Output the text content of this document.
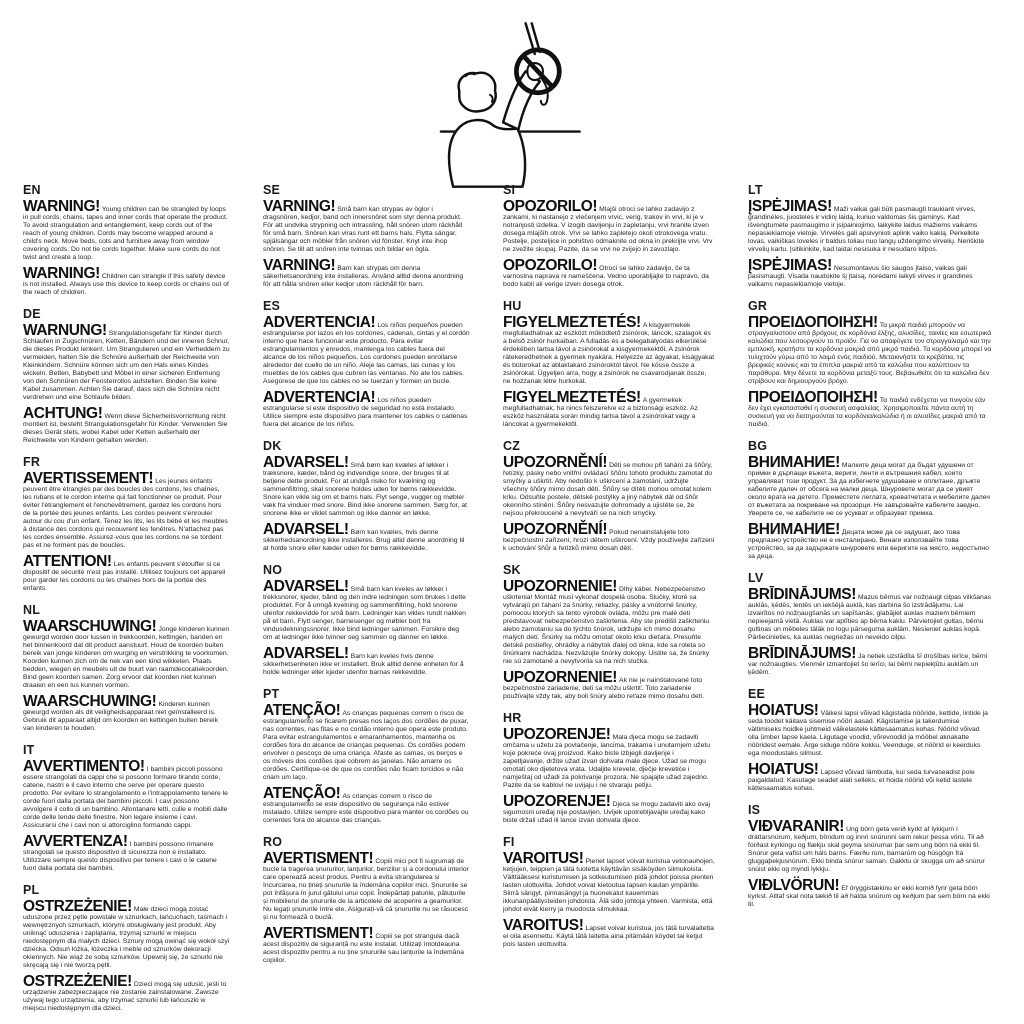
EN

WARNING! Young children can be strangled by loops in pull cords, chains, tapes and inner cords that operate the product. To avoid strangulation and entanglement, keep cords out of the reach of young children. Cords may become wrapped around a child's neck. Move beds, cots and furniture away from window covering cords. Do not tie cords together. Make sure cords do not twist and create a loop.

WARNING! Children can strangle if this safety device is not installed. Always use this device to keep cords or chains out of the reach of children.

DE

WARNUNG! Strangulationsgefahr für Kinder durch Schlaufen in Zugschnüren, Ketten, Bändern und der inneren Schnur, die dieses Produkt lenken!. Um Strangulieren und ein Verheddern zu vermeiden, halten Sie die Schnüre außerhalb der Reichweite von Kleinkindern. Schnüre können sich um den Hals eines Kindes wickeln. Betten, Babybett und Möbel in einer sicheren Entfernung von den Schnüren der Fensterrollos aufstellen. Binden Sie keine Kabel zusammen. Achten Sie darauf, dass sich die Schnüre nicht verdrehen und eine Schlaufe bilden.

ACHTUNG! Wenn diese Sicherheitsvorrichtung nicht montiert ist, besteht Strangulationsgefahr für Kinder. Verwenden Sie dieses Gerät stets, wobei Kabel oder Ketten außerhalb der Reichweite von Kindern gehalten werden.

FR

AVERTISSEMENT! Les jeunes enfants peuvent être étranglés par des boucles des cordons, les chaînes, les rubans et le cordon interne qui fait fonctionner ce produit. Pour éviter l'étranglement et l'enchevêtrement, gardez les cordons hors de la portée des jeunes enfants. Les cordes peuvent s'enrouler autour du cou d'un enfant. Tenez les lits, les lits bébé et les meubles à distance des cordons qui recouvrent les fenêtres. N'attachez pas les cordes ensemble. Assurez-vous que les cordons ne se tordent pas et ne forment pas de boucles.

ATTENTION! Les enfants peuvent s'étouffer si ce dispositif de sécurité n'est pas installé. Utilisez toujours cet appareil pour garder les cordons ou les chaînes hors de la portée des enfants.

NL

WAARSCHUWING! Jonge kinderen kunnen gewurgd worden door lussen in trekkoorden, kettingen, banden en het binnenkoord dat dit product aanstuurt. Houd de koorden buiten bereik van jonge kinderen om wurging en verstrikking te voorkomen. Koorden kunnen zich om de nek van een kind wikkelen. Plaats bedden, wiegen en meubels uit de buurt van raamdecoratiekoorden. Bind geen koorden samen. Zorg ervoor dat koorden niet kunnen draaien en een lus kunnen vormen.

WAARSCHUWING! Kinderen kunnen gewurgd worden als dit veiligheidsapparaat niet geïnstalleerd is. Gebruik dit apparaat altijd om koorden en kettingen buiten bereik van kinderen te houden.

IT

AVVERTIMENTO! I bambini piccoli possono essere strangolati da cappi che si possono formare tirando corde, catene, nastri e il cavo interno che serve per operare questo prodotto. Per evitare lo strangolamento e l'intrappolamento tenere le corde fuori dalla portata dei bambini piccoli. I cavi possono avvolgere il collo di un bambino. Allontanare letti, culle e mobili dalle corde delle tende delle finestre. Non legare insieme i cavi. Assicurarsi che i cavi non si attorciglino formando cappi.

AVVERTENZA! I bambini possono rimanere strangolati se questo dispositivo di sicurezza non è installato. Utilizzare sempre questo dispositivo per tenere i cavi o le catene fuori dalla portata dei bambini.

PL

OSTRZEŻENIE! Małe dzieci mogą zostać uduszone przez pętle powstałe w sznurkach, łańcuchach, taśmach i wewnętrznych sznurkach, którymi obsługiwany jest produkt. Aby uniknąć uduszenia i zaplątania, trzymaj sznurki w miejscu niedostępnym dla małych dzieci. Sznury mogą owinąć się wokół szyi dziecka. Odsuń łóżka, łóżeczka i meble od sznurków dekoracji okiennych. Nie wiąż ze sobą sznurków. Upewnij się, że sznurki nie skręcają się i nie tworzą pętli.

OSTRZEŻENIE! Dzieci mogą się udusić, jeśli to urządzenie zabezpieczające nie zostanie zainstalowane. Zawsze używaj tego urządzenia, aby trzymać sznurki lub łańcuszki w miejscu niedostępnym dla dzieci.

SE

VARNING! Små barn kan strypas av öglor i dragsnören, kedjor, band och innersnöret som styr denna produkt. För att undvika strypning och intrassling, håll snören utom räckhåll för små barn. Snören kan viras runt ett barns hals. Flytta sängar, spjälsängar och möbler från snören vid fönster. Knyt inte ihop snören. Se till att snören inte tvinnas och bildar en ögla.

VARNING! Barn kan strypas om denna säkerhetsanordning inte installeras. Använd alltid denna anordning för att hålla snören eller kedjor utom räckhåll för barn.

ES

ADVERTENCIA! Los niños pequeños pueden estrangularse por lazos en los cordones, cadenas, cintas y el cordón interno que hace funcionar este producto. Para evitar estrangulamientos y enredos, mantenga los cables fuera del alcance de los niños pequeños. Los cordones pueden enrollarse alrededor del cuello de un niño. Aleje las camas, las cunas y los muebles de los cables que cubren las ventanas. No ate los cables. Asegúrese de que los cables no se tuerzan y formen un bucle.

ADVERTENCIA! Los niños pueden estrangularse si este dispositivo de seguridad no está instalado. Utilice siempre este dispositivo para mantener los cables o cadenas fuera del alcance de los niños.

DK

ADVARSEL! Små børn kan kvæles af løkker i træksnore, kæder, bånd og indvendige snore, der bruges til at betjene dette produkt. For at undgå risiko for kvælning og sammenfiltring, skal snorene holdes uden for børns rækkevidde. Snore kan vikle sig om et barns hals. Flyt senge, vugger og møbler væk fra vinduer med snore. Bind ikke snorene sammen. Sørg for, at snorene ikke er viklet sammen og ikke danner en løkke.

ADVARSEL! Børn kan kvæles, hvis denne sikkerhedsanordning ikke installeres. Brug altid denne anordning til at holde snore eller kæder uden for børns rækkevidde.

NO

ADVARSEL! Små barn kan kveles av løkker i trekksnorer, kjeder, bånd og den indre ledningen som brukes i dette produktet. For å unngå kvelning og sammenfiltring, hold snorene utenfor rekkevidde for små barn. Ledninger kan vikles rundt nakken på et barn. Flytt senger, barnesenger og møbler bort fra vindusdekningssnorer. Ikke bind ledninger sammen. Forsikre deg om at ledninger ikke tvinner seg sammen og danner en løkke.

ADVARSEL! Barn kan kveles hvis denne sikkerhetsenheten ikke er installert. Bruk alltid denne enheten for å holde ledninger eller kjeder utenfor barnas rekkevidde.

PT

ATENÇÃO! As crianças pequenas correm o risco de estrangulamento se ficarem presas nos laços dos cordões de puxar, nas correntes, nas fitas e no cordão interno que opera este produto. Para evitar estrangulamentos e emaranhamentos, mantenha os cordões fora do alcance de crianças pequenas. Os cordões podem envolver o pescoço de uma criança. Afaste as camas, os berços e os móveis dos cordões que cobrem as janelas. Não amarre os cordões. Certifique-se de que os cordões não ficam torcidos e não criam um laço.

ATENÇÃO! As crianças correm o risco de estrangulamento se este dispositivo de segurança não estiver instalado. Utilize sempre este dispositivo para manter os cordões ou correntes fora do alcance das crianças.

RO

AVERTISMENT! Copiii mici pot fi sugrumați de bucle la tragerea șnururilor, lanțurilor, benzilor și a cordonului interior care operează acest produs. Pentru a evita strangularea și încurcarea, nu țineți șnururile la îndemâna copiilor mici. Șnururile se pot înfășura în jurul gâtului unui copil. Îndepărtați paturile, pătuțurile și mobilierul de șnururile de la articolele de acoperire a geamurilor. Nu legați șnururile între ele. Asigurați-vă că șnururile nu se răsucesc și nu formează o buclă.

AVERTISMENT! Copiii se pot strangula dacă acest dispozitiv de siguranță nu este instalat. Utilizați întotdeauna acest dispozitiv pentru a nu ține șnururile sau lanțurile la îndemâna copiilor.

SI

OPOZORILO! Mlajši otroci se lahko zadavijo z zankami, ki nastanejo z vlečenjem vrvic, verig, trakov in vrvi, ki je v notranjosti izdelka. V izogib davljenju in zapletanju, vrvi hranite izven dosega mlajših otrok. Vrvi se lahko zapletejo okoli otrokovega vratu. Postelje, posteljice in pohištvo odmaknite od okna in prekrijte vrvi. Vrv ne zvežite skupaj. Pazite, da se vrvi ne zvijejo in zavozlajo.

OPOZORILO! Otroci se lahko zadavijo, če ta varnostna naprava ni nameščena. Vedno uporabljajte to napravo, da bodo kabli ali verige izven dosega otrok.

HU

FIGYELMEZTETÉS! A kisgyermekek megfulladhatnak az eszközt működtető zsinórok, láncok, szalagok és a belső zsinór hurkaiban. A fulladás és a belegabalyodás elkerülése érdekében tartsa távol a zsinórokat a kisgyermekektől. A zsinórok rátekeredhetnek a gyermek nyakára. Helyezze az ágyakat, kiságyakat és bútorokat az ablaktakaró zsinóroktól távol. Ne kösse össze a zsinórokat. Ügyeljen arra, hogy a zsinórok ne csavarodjanak össze, ne hozzanak létre hurkokat.

FIGYELMEZTETÉS! A gyermekek megfulladhatnak, ha nincs felszerelve ez a biztonsági eszköz. Az eszköz használata során mindig tartsa távol a zsinórokat vagy a láncokat a gyermekektől.

CZ

UPOZORNĚNÍ! Děti se mohou při tahání za šňůry, řetízky, pásky nebo vnitřní ovládací šňůru tohoto produktu zamotat do smyčky a uškrtit. Aby nedošlo k uškrcení a zamotání, udržujte všechny šňůry mimo dosah dětí. Šňůry se dítěti mohou omotat kolem krku. Odsuňte postele, dětské postýlky a jiný nábytek dál od šňůr okenního stínění. Šňůry nesvazujte dohromady a ujistěte se, že nejsou překroucené a nevytváří se na nich smyčky.

UPOZORNĚNÍ! Pokud nenainstalujete toto bezpečnostní zařízení, hrozí dětem uškrcení. Vždy používejte zařízení k uchování šňůr a řetízků mimo dosah dětí.

SK

UPOZORNENIE! Dlhý kábel. Nebezpečenstvo uškrtenia! Montáž musí vykonať dospelá osoba. Slučky, ktoré sa vytvárajú pri ťahaní za šnúrky, retiazky, pásky a vnútorné šnúrky, pomocou ktorých sa tento výrobok ovláda, môžu pre malé deti predstavovať nebezpečenstvo zaškrtenia. Aby ste predišli zaškrteniu alebo zamotaniu sa do týchto šnúrok, udržujte ich mimo dosahu malých detí. Šnúrky sa môžu omotať okolo krku dieťaťa. Presuňte detské postieľky, ohrádky a nábytok ďalej od okna, kde sa roleta so šnúrkami nachádza. Nezväzujte šnúrky dokopy. Uistite sa, že šnúrky nie sú zamotané a nevytvorila sa na nich slučka.

UPOZORNENIE! Ak nie je nainštalované toto bezpečnostné zariadenie, deti sa môžu uškrtiť. Toto zariadenie používajte vždy tak, aby boli šnúry alebo reťaze mimo dosahu detí.

HR

UPOZORENJE! Mala djeca mogu se zadaviti omčama u užetu za povlačenje, lancima, trakama i unutarnjem užetu koje pokreće ovaj proizvod. Kako biste izbjegli davljenje i zapetljavanje, držite užad izvan dohvata male djece. Užad se mogu omotati oko djetetova vrata. Udaljite krevete, dječje krevetiće i namještaj od užadi za pokrivanje prozora. Ne spajajte užad zajedno. Pazite da se kablovi ne uvijaju i ne stvaraju petlju.

UPOZORENJE! Djeca se mogu zadaviti ako ovaj sigurnosni uređaj nije postavljen. Uvijek upotrebljavajte uređaj kako biste držali užad ili lance izvan dohvata djece.

FI

VAROITUS! Pienet lapset voivat kuristua vetonauhojen, ketjujen, teippien ja tätä tuotetta käyttävän sisäköyden silmukoista. Välttääksesi kuristumisen ja sotkeutumisen pidä johdot poissa pienten lasten ulottuvilta. Johdot voivat kietoutua lapsen kaulan ympärille. Siirrä sängyt, pinnasängyt ja huonekalut kauemmas ikkunanpäällysteiden johdoista. Älä sido johtoja yhteen. Varmista, että johdot eivät kierry ja muodosta silmukkaa.

VAROITUS! Lapset voivat kuristua, jos tätä turvalaitetta ei olla asennettu. Käytä tätä laitetta aina pitämään köydet tai ketjut pois lasten ulottuvilta.

LT

ĮSPĖJIMAS! Maži vaikai gali būti pasmaugti traukiant virves, grandinėles, juosteles ir vidinį laidą, kuriuo valdomas šis gaminys. Kad išvengtumėte pasmaugimo ir įsipainiojimo, laikykite laidus mažiems vaikams nepasiekiamoje vietoje. Virvelės gali apsivynioti aplink vaiko kaklą. Perkelkite lovas, vaikiškas loveles ir baldus toliau nuo langų uždengimo virvelių. Neriškite virvelių kartu. Įsitikinkite, kad laidai nesisuka ir nesudaro kilpos.

ĮSPĖJIMAS! Nesumontavus šio saugos įtaiso, vaikas gali pasismaugti. Visada naudokite šį įtaisą, norėdami laikyti virves ir grandines vaikams nepasiekiamoje vietoje.

GR

ΠΡΟΕΙΔΟΠΟΙΗΣΗ! Τα μικρά παιδιά μπορούν να στραγγαλιστούν από βρόχους σε κορδόνια έλξης, αλυσίδες, ταινίες και εσωτερικά καλώδια που λειτουργούν το προϊόν. Για να αποφύγετε τον στραγγαλισμό και την εμπλοκή, κρατήστε τα κορδόνια μακριά από μικρά παιδιά. Τα κορδόνια μπορεί να τυλιχτούν γύρω από το λαιμό ενός παιδιού. Μετακινήστε τα κρεβάτια, τις βρεφικές κούνιες και τα έπιπλα μακριά από τα καλώδια που καλύπτουν τα παράθυρα. Μην δένετε τα κορδόνια μεταξύ τους. Βεβαιωθείτε ότι τα καλώδια δεν στρίβουν και δημιουργούν βρόχο.

ΠΡΟΕΙΔΟΠΟΙΗΣΗ! Τα παιδιά ενδέχεται να πνιγούν εάν δεν έχει εγκατασταθεί η συσκευή ασφαλείας. Χρησιμοποιείτε πάντα αυτή τη συσκευή για να διατηρούνται τα κορδόνια/καλώδια ή οι αλυσίδες μακριά από τα παιδιά.

BG

ВНИМАНИЕ! Малките деца могат да бъдат удушени от примки в дърпащи въжета, вериги, ленти и вътрешния кабел, които управляват този продукт. За да избегнете удушаване и оплитане, дръжте кабелите далеч от обсега на малки деца. Шнуровете могат да се увият около врата на детето. Преместете леглата, креватчетата и мебелите далеч от въжетата за покриване на прозорци. Не завързвайте кабелите заедно. Уверете се, че кабелите не се усукват и образуват примка.

ВНИМАНИЕ! Децата може да се задушат, ако това предпазно устройство не е инсталирано. Винаги използвайте това устройство, за да задържате шнуровете или веригите на място, недостъпно за деца.

LV

BRĪDINĀJUMS! Mazus bērnus var nožņaugt cilpas vilkšanas auklās, ķēdēs, lentēs un iekšējā auklā, kas darbina šo izstrādājumu. Lai izvairītos no nožņaugšanās un sapīšanās, glabājiet auklas maziem bērniem nepieejamā vietā. Auklas var aptīties ap bērna kaklu. Pārvietojiet gultas, bērnu gultiņas un mēbeles tālāk no logu pārseguma auklām. Nesieniet auklas kopā. Pārliecinieties, ka auklas negriežas un neveido cilpu.

BRĪDINĀJUMS! Ja netiek uzstādīta šī drošības ierīce, bērni var nožņaugties. Vienmēr izmantojiet šo ierīci, lai bērni nepiekļūtu auklām un ķēdēm.

EE

HOIATUS! Väikesi lapsi võivad kägistada nööride, kettide, lintide ja seda toodet käitava sisemise nööri aasad. Kägistamise ja takerdumise vältimiseks hoidke juhtmeid väikelastele kättesaamatus kohas. Nöörid võivad olla ümber lapse kaela. Liigutage voodid, võrevoodid ja mööbel aknakatte nööridest eemale. Ärge siduge nööre kokku. Veenduge, et nöörid ei keerduks ega moodustaks silmust.

HOIATUS! Lapsed võivad lämbuda, kui seda turvaseadist pole paigaldatud. Kasutage seadet alati selleks, et hoida nöörid või ketid lastele kättesaamatus kohas.

IS

VIÐVARANIR! Ung börn geta verið kyrkt af lykkjum í dráttarsnúrum, keðjum, böndum og innri snúrunni sem rekur þessa vöru. Til að forðast kyrkingu og flækju skal geyma snúrurnar þar sem ung börn ná ekki til. Snúrur geta vafist um háls barns. Færðu rúm, barnarúm og húsgögn frá gluggaþekjusnúrum. Ekki binda snúrur saman. Gakktu úr skugga um að snúrur snúist ekki og myndi lykkju.

VIÐLVÖRUN! Ef öryggistækinu er ekki komið fyrir geta börn kyrkst. Alltaf skal nota tækið til að halda snúrum og keðjum þar sem börn ná ekki til.
